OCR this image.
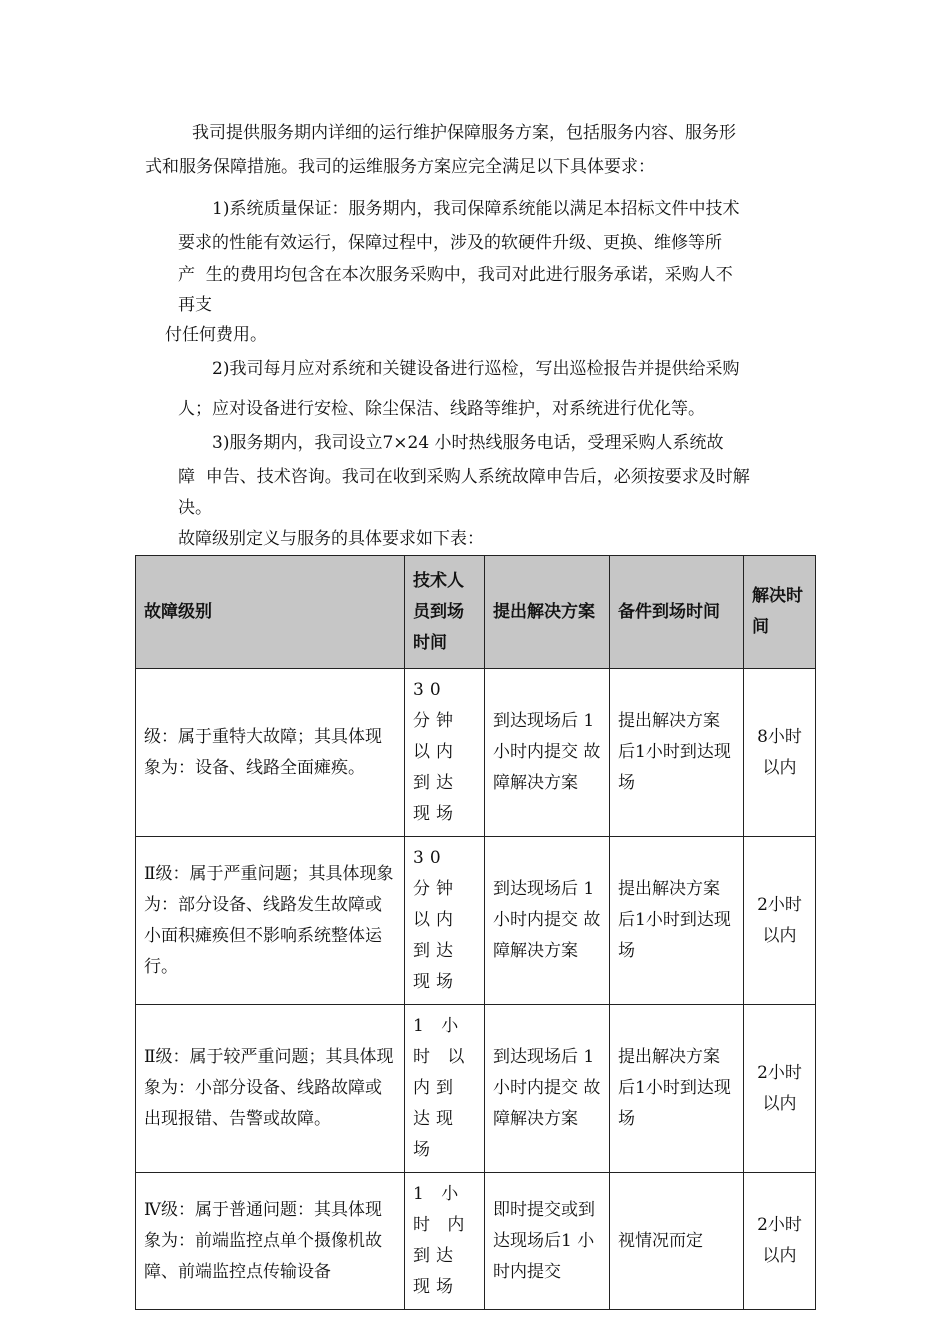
我司提供服务期内详细的运行维护保障服务方案，包括服务内容、服务形
式和服务保障措施。我司的运维服务方案应完全满足以下具体要求：
1)系统质量保证：服务期内，我司保障系统能以满足本招标文件中技术
要求的性能有效运行，保障过程中，涉及的软硬件升级、更换、维修等所
产  生的费用均包含在本次服务采购中，我司对此进行服务承诺，采购人不
再支
付任何费用。
2)我司每月应对系统和关键设备进行巡检，写出巡检报告并提供给采购
人；应对设备进行安检、除尘保洁、线路等维护，对系统进行优化等。
3)服务期内，我司设立7×24 小时热线服务电话，受理采购人系统故
障  申告、技术咨询。我司在收到采购人系统故障申告后，必须按要求及时解
决。
故障级别定义与服务的具体要求如下表：
故障级别	技术人员到场时间	提出解决方案	备件到场时间	解决时间
级：属于重特大故障；其具体现象为：设备、线路全面瘫痪。	30 分钟 以内到达现场	到达现场后 1 小时内提交 故障解决方案	提出解决方案后1小时到达现场	8小时以内
Ⅱ级：属于严重问题；其具体现象为：部分设备、线路发生故障或小面积瘫痪但不影响系统整体运行。	30 分钟 以内到达现场	到达现场后 1 小时内提交 故障解决方案	提出解决方案后1小时到达现场	2小时以内
Ⅱ级：属于较严重问题；其具体现象为：小部分设备、线路故障或出现报错、告警或故障。	1 小时 以内到达现场	到达现场后 1 小时内提交 故障解决方案	提出解决方案后1小时到达现场	2小时以内
Ⅳ级：属于普通问题：其具体现象为：前端监控点单个摄像机故障、前端监控点传输设备	1 小时 内到达现场	即时提交或到达现场后1 小时内提交	视情况而定	2小时以内
